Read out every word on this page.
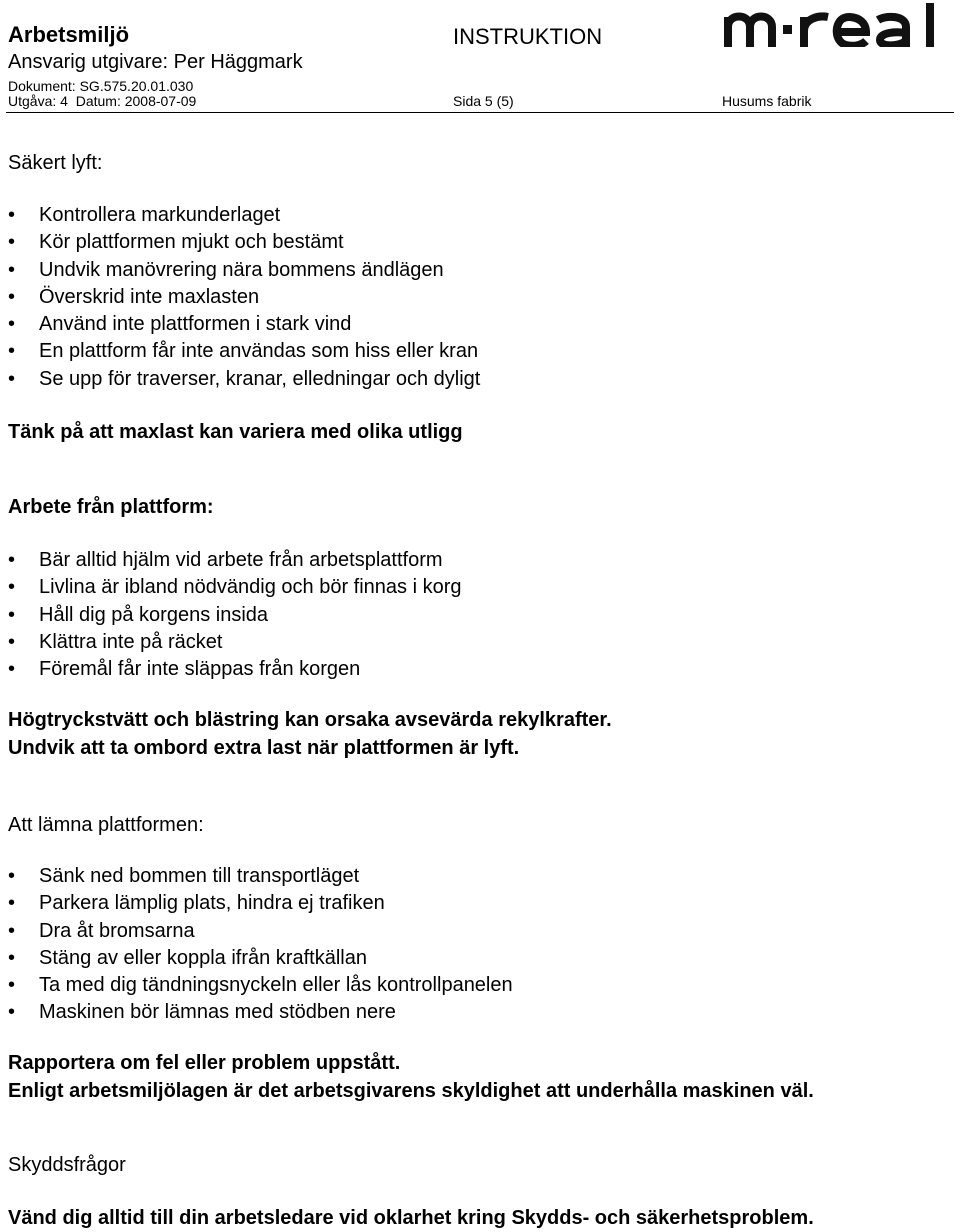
Arbetsmiljö	INSTRUKTION
Ansvarig utgivare: Per Häggmark
Dokument: SG.575.20.01.030
Utgåva: 4  Datum: 2008-07-09	Sida 5 (5)	Husums fabrik
Säkert lyft:
• Kontrollera markunderlaget
• Kör plattformen mjukt och bestämt
• Undvik manövrering nära bommens ändlägen
• Överskrid inte maxlasten
• Använd inte plattformen i stark vind
• En plattform får inte användas som hiss eller kran
• Se upp för traverser, kranar, elledningar och dyligt
Tänk på att maxlast kan variera med olika utligg
Arbete från plattform:
• Bär alltid hjälm vid arbete från arbetsplattform
• Livlina är ibland nödvändig och bör finnas i korg
• Håll dig på korgens insida
• Klättra inte på räcket
• Föremål får inte släppas från korgen
Högtryckstvätt och blästring kan orsaka avsevärda rekylkrafter.
Undvik att ta ombord extra last när plattformen är lyft.
Att lämna plattformen:
• Sänk ned bommen till transportläget
• Parkera lämplig plats, hindra ej trafiken
• Dra åt bromsarna
• Stäng av eller koppla ifrån kraftkällan
• Ta med dig tändningsnyckeln eller lås kontrollpanelen
• Maskinen bör lämnas med stödben nere
Rapportera om fel eller problem uppstått.
Enligt arbetsmiljölagen är det arbetsgivarens skyldighet att underhålla maskinen väl.
Skyddsfrågor
Vänd dig alltid till din arbetsledare vid oklarhet kring Skydds- och säkerhetsproblem.
